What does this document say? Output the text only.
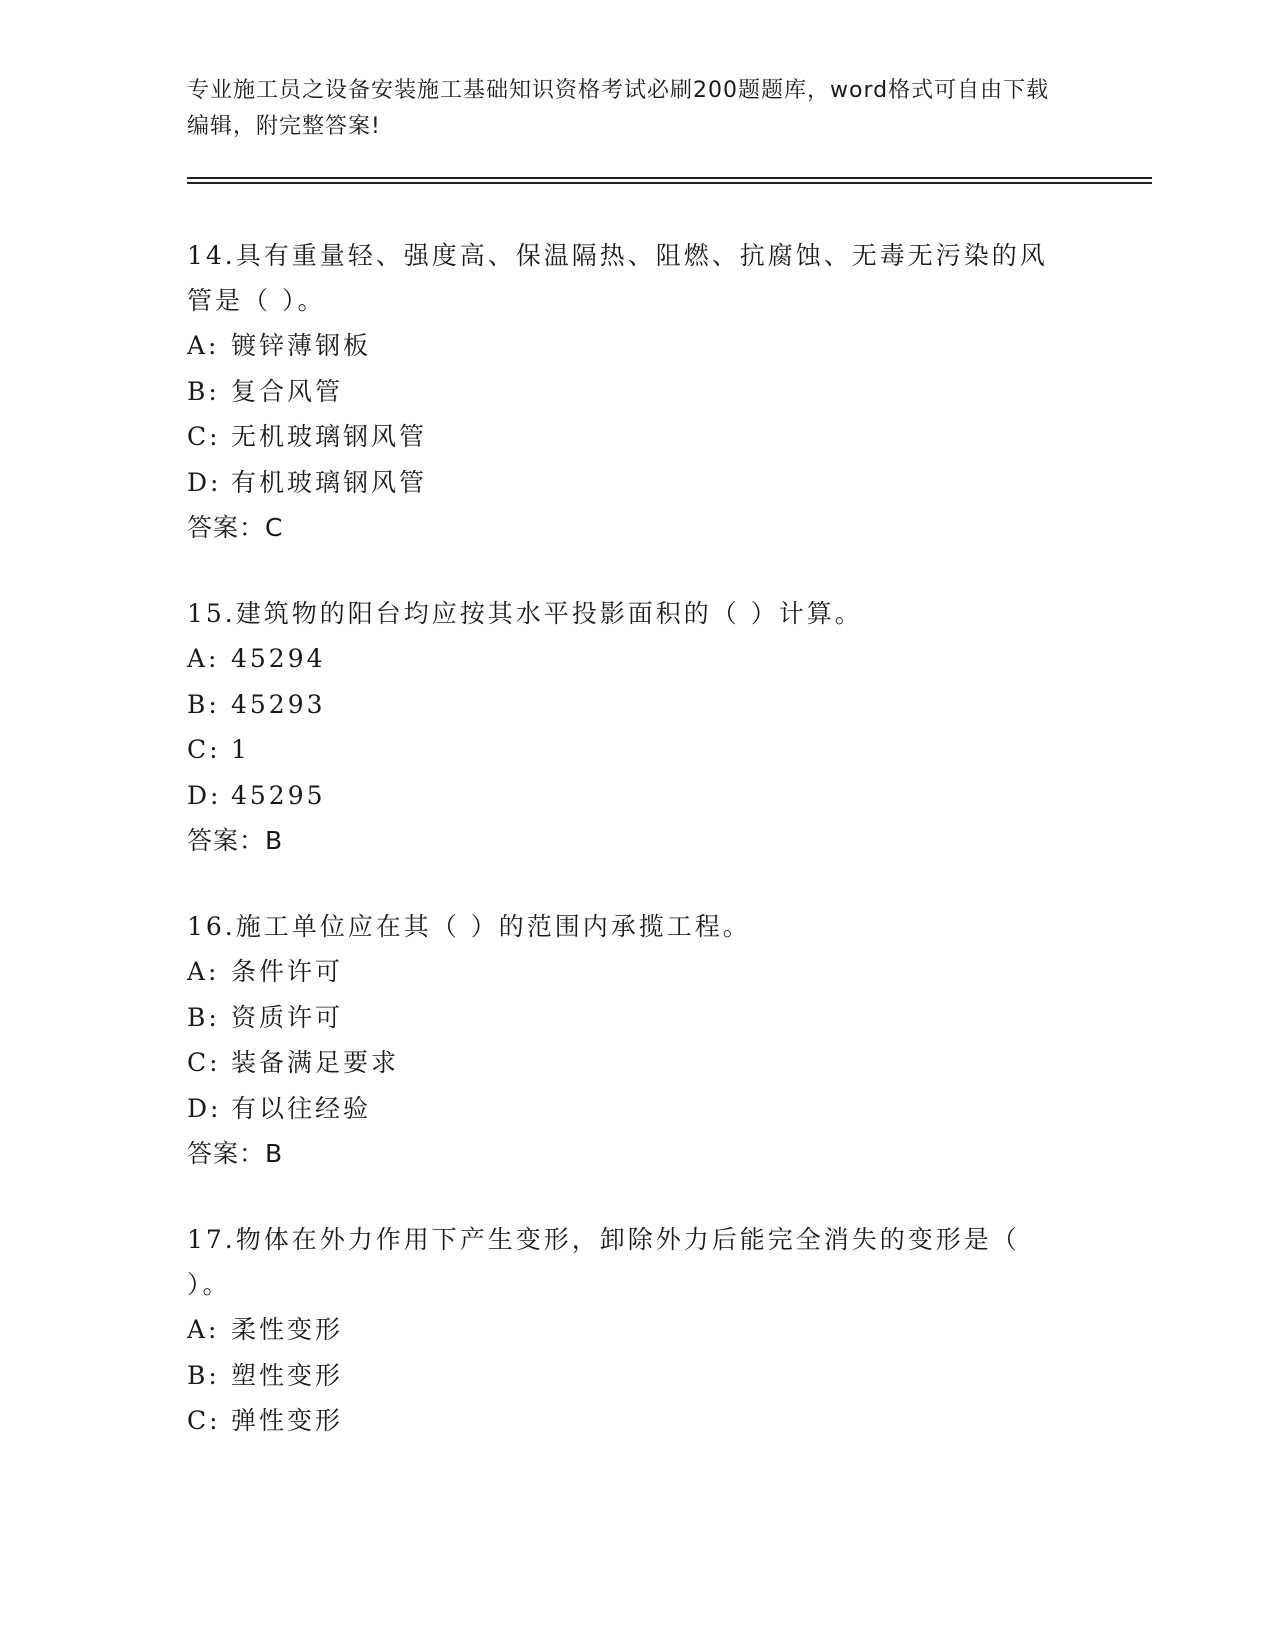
专业施工员之设备安装施工基础知识资格考试必刷200题题库，word格式可自由下载编辑，附完整答案!
14.具有重量轻、强度高、保温隔热、阻燃、抗腐蚀、无毒无污染的风管是（ ）。
A: 镀锌薄钢板
B: 复合风管
C: 无机玻璃钢风管
D: 有机玻璃钢风管
答案：C
15.建筑物的阳台均应按其水平投影面积的（ ）计算。
A: 45294
B: 45293
C: 1
D: 45295
答案：B
16.施工单位应在其（ ）的范围内承揽工程。
A: 条件许可
B: 资质许可
C: 装备满足要求
D: 有以往经验
答案：B
17.物体在外力作用下产生变形，卸除外力后能完全消失的变形是（ ）。
A: 柔性变形
B: 塑性变形
C: 弹性变形
